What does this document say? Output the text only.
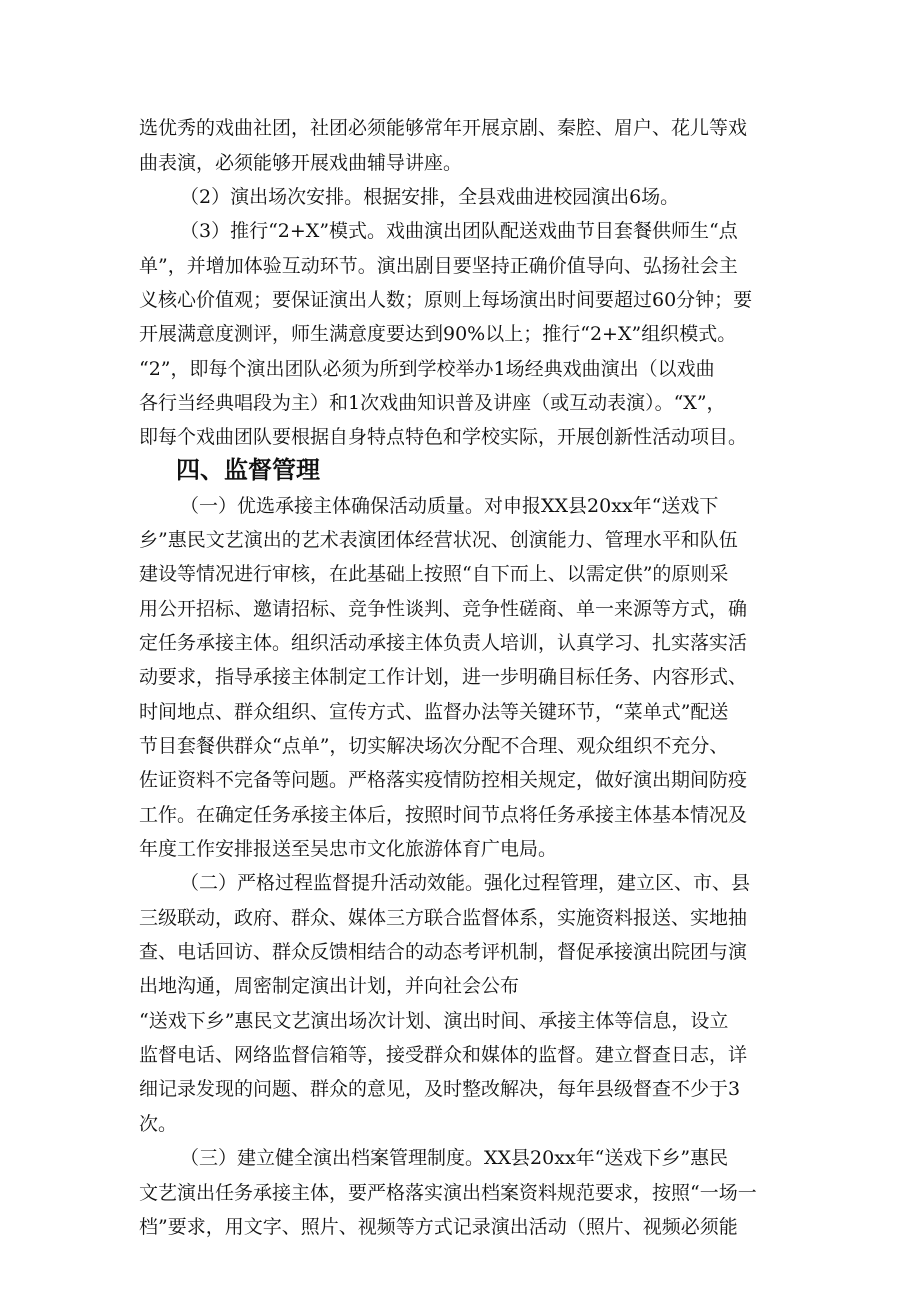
选优秀的戏曲社团，社团必须能够常年开展京剧、秦腔、眉户、花儿等戏
曲表演，必须能够开展戏曲辅导讲座。
（2）演出场次安排。根据安排，全县戏曲进校园演出6场。
（3）推行“2+X”模式。戏曲演出团队配送戏曲节目套餐供师生“点
单”，并增加体验互动环节。演出剧目要坚持正确价值导向、弘扬社会主
义核心价值观；要保证演出人数；原则上每场演出时间要超过60分钟；要
开展满意度测评，师生满意度要达到90%以上；推行“2+X”组织模式。
“2”，即每个演出团队必须为所到学校举办1场经典戏曲演出（以戏曲
各行当经典唱段为主）和1次戏曲知识普及讲座（或互动表演）。“X”，
即每个戏曲团队要根据自身特点特色和学校实际，开展创新性活动项目。
四、监督管理
（一）优选承接主体确保活动质量。对申报XX县20xx年“送戏下
乡”惠民文艺演出的艺术表演团体经营状况、创演能力、管理水平和队伍
建设等情况进行审核，在此基础上按照“自下而上、以需定供”的原则采
用公开招标、邀请招标、竞争性谈判、竞争性磋商、单一来源等方式，确
定任务承接主体。组织活动承接主体负责人培训，认真学习、扎实落实活
动要求，指导承接主体制定工作计划，进一步明确目标任务、内容形式、
时间地点、群众组织、宣传方式、监督办法等关键环节，“菜单式”配送
节目套餐供群众“点单”，切实解决场次分配不合理、观众组织不充分、
佐证资料不完备等问题。严格落实疫情防控相关规定，做好演出期间防疫
工作。在确定任务承接主体后，按照时间节点将任务承接主体基本情况及
年度工作安排报送至吴忠市文化旅游体育广电局。
（二）严格过程监督提升活动效能。强化过程管理，建立区、市、县
三级联动，政府、群众、媒体三方联合监督体系，实施资料报送、实地抽
查、电话回访、群众反馈相结合的动态考评机制，督促承接演出院团与演
出地沟通，周密制定演出计划，并向社会公布
“送戏下乡”惠民文艺演出场次计划、演出时间、承接主体等信息，设立
监督电话、网络监督信箱等，接受群众和媒体的监督。建立督查日志，详
细记录发现的问题、群众的意见，及时整改解决，每年县级督查不少于3
次。
（三）建立健全演出档案管理制度。XX县20xx年“送戏下乡”惠民
文艺演出任务承接主体，要严格落实演出档案资料规范要求，按照“一场一
档”要求，用文字、照片、视频等方式记录演出活动（照片、视频必须能
